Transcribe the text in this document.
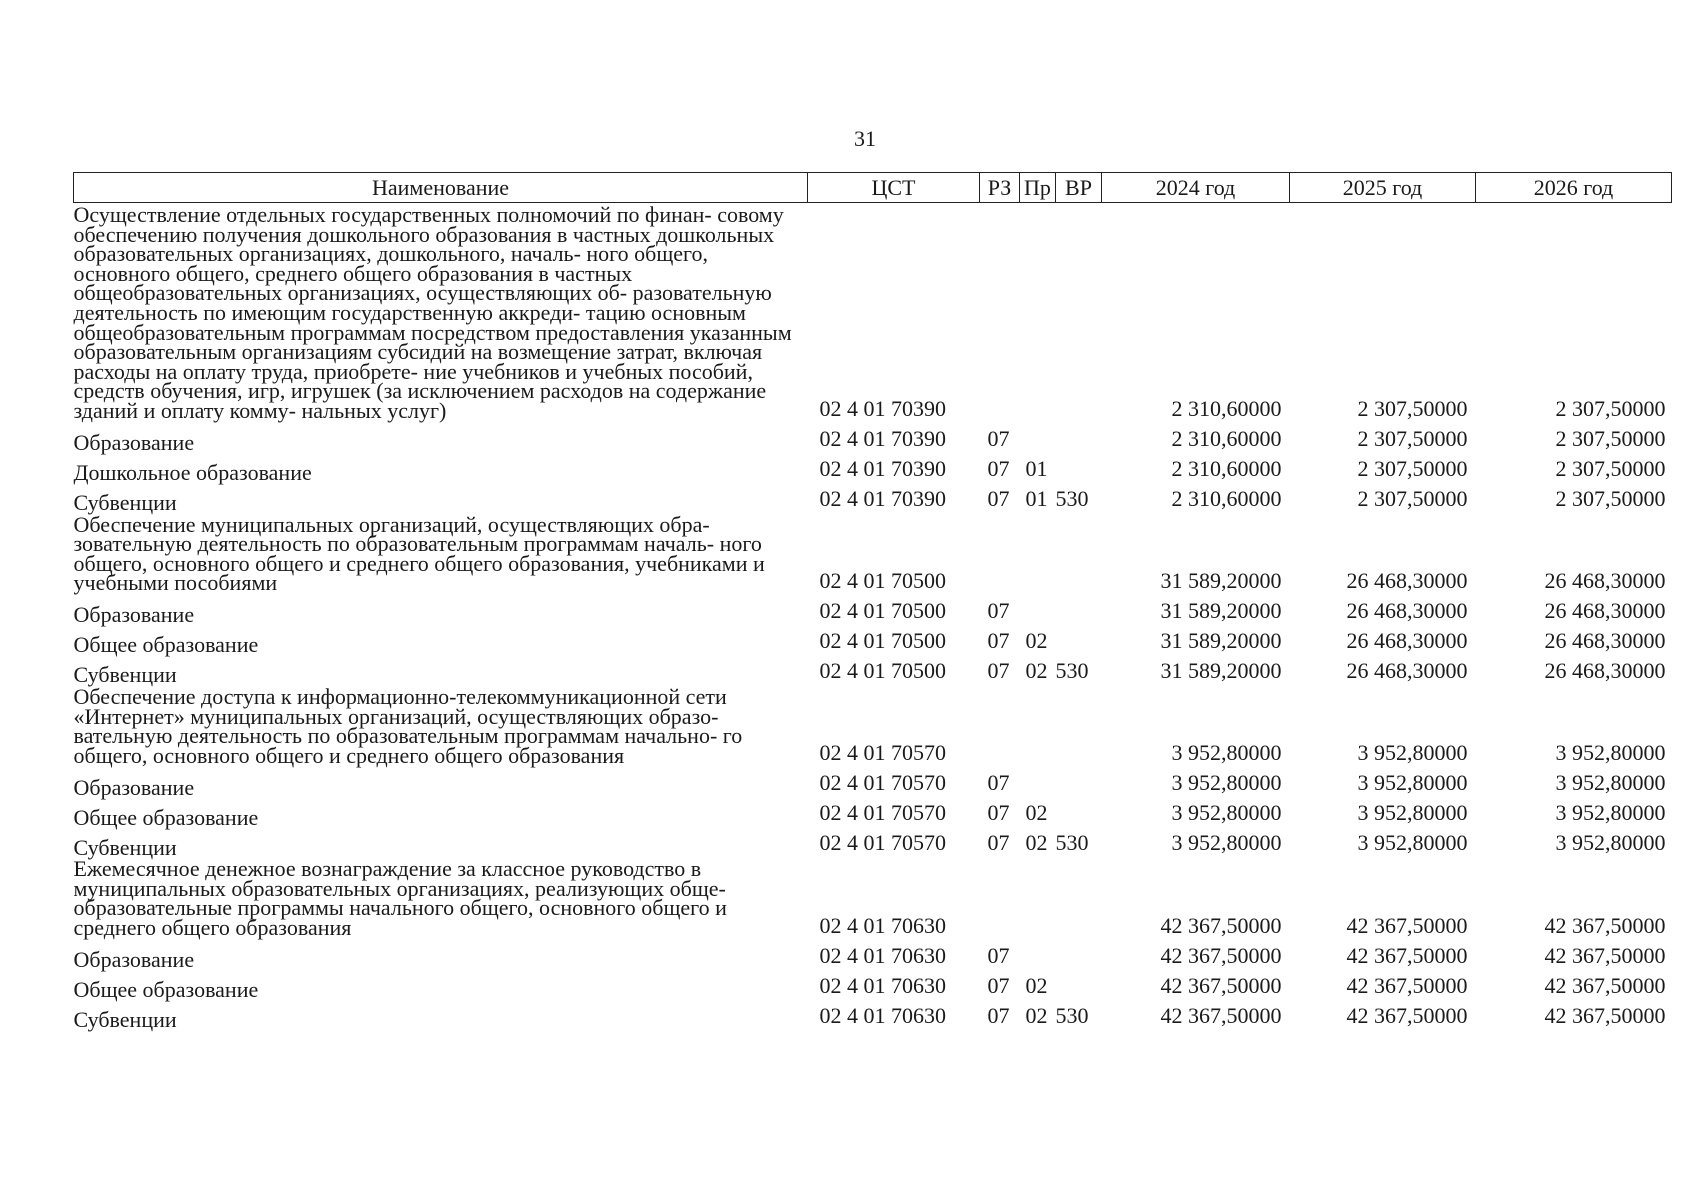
31
Наименование	ЦСТ	РЗ	Пр	ВР	2024 год	2025 год	2026 год
Осуществление отдельных государственных полномочий по финан- совому обеспечению получения дошкольного образования в частных дошкольных образовательных организациях, дошкольного, началь- ного общего, основного общего, среднего общего образования в частных общеобразовательных организациях, осуществляющих об- разовательную деятельность по имеющим государственную аккреди- тацию основным общеобразовательным программам посредством предоставления указанным образовательным организациям субсидий на возмещение затрат, включая расходы на оплату труда, приобрете- ние учебников и учебных пособий, средств обучения, игр, игрушек (за исключением расходов на содержание зданий и оплату комму- нальных услуг)	02 4 01 70390				2 310,60000	2 307,50000	2 307,50000
Образование	02 4 01 70390	07			2 310,60000	2 307,50000	2 307,50000
Дошкольное образование	02 4 01 70390	07	01		2 310,60000	2 307,50000	2 307,50000
Субвенции	02 4 01 70390	07	01	530	2 310,60000	2 307,50000	2 307,50000
Обеспечение муниципальных организаций, осуществляющих обра- зовательную деятельность по образовательным программам началь- ного общего, основного общего и среднего общего образования, учебниками и учебными пособиями	02 4 01 70500				31 589,20000	26 468,30000	26 468,30000
Образование	02 4 01 70500	07			31 589,20000	26 468,30000	26 468,30000
Общее образование	02 4 01 70500	07	02		31 589,20000	26 468,30000	26 468,30000
Субвенции	02 4 01 70500	07	02	530	31 589,20000	26 468,30000	26 468,30000
Обеспечение доступа к информационно-телекоммуникационной сети «Интернет» муниципальных организаций, осуществляющих образо- вательную деятельность по образовательным программам начально- го общего, основного общего и среднего общего образования	02 4 01 70570				3 952,80000	3 952,80000	3 952,80000
Образование	02 4 01 70570	07			3 952,80000	3 952,80000	3 952,80000
Общее образование	02 4 01 70570	07	02		3 952,80000	3 952,80000	3 952,80000
Субвенции	02 4 01 70570	07	02	530	3 952,80000	3 952,80000	3 952,80000
Ежемесячное денежное вознаграждение за классное руководство в муниципальных образовательных организациях, реализующих обще- образовательные программы начального общего, основного общего и среднего общего образования	02 4 01 70630				42 367,50000	42 367,50000	42 367,50000
Образование	02 4 01 70630	07			42 367,50000	42 367,50000	42 367,50000
Общее образование	02 4 01 70630	07	02		42 367,50000	42 367,50000	42 367,50000
Субвенции	02 4 01 70630	07	02	530	42 367,50000	42 367,50000	42 367,50000
